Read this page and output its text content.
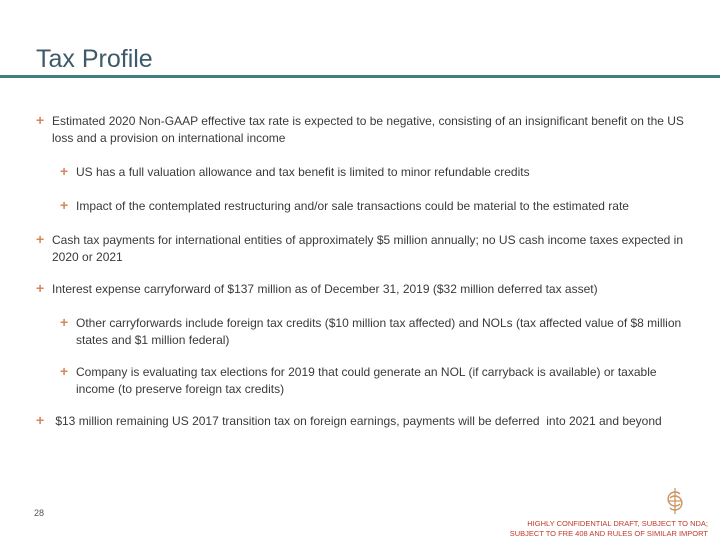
Tax Profile
+ Estimated 2020 Non-GAAP effective tax rate is expected to be negative, consisting of an insignificant benefit on the US loss and a provision on international income
+ US has a full valuation allowance and tax benefit is limited to minor refundable credits
+ Impact of the contemplated restructuring and/or sale transactions could be material to the estimated rate
+ Cash tax payments for international entities of approximately $5 million annually; no US cash income taxes expected in 2020 or 2021
+ Interest expense carryforward of $137 million as of December 31, 2019 ($32 million deferred tax asset)
+ Other carryforwards include foreign tax credits ($10 million tax affected) and NOLs (tax affected value of $8 million states and $1 million federal)
+ Company is evaluating tax elections for 2019 that could generate an NOL (if carryback is available) or taxable income (to preserve foreign tax credits)
+ $13 million remaining US 2017 transition tax on foreign earnings, payments will be deferred  into 2021 and beyond
28
HIGHLY CONFIDENTIAL DRAFT, SUBJECT TO NDA;
SUBJECT TO FRE 408 AND RULES OF SIMILAR IMPORT
